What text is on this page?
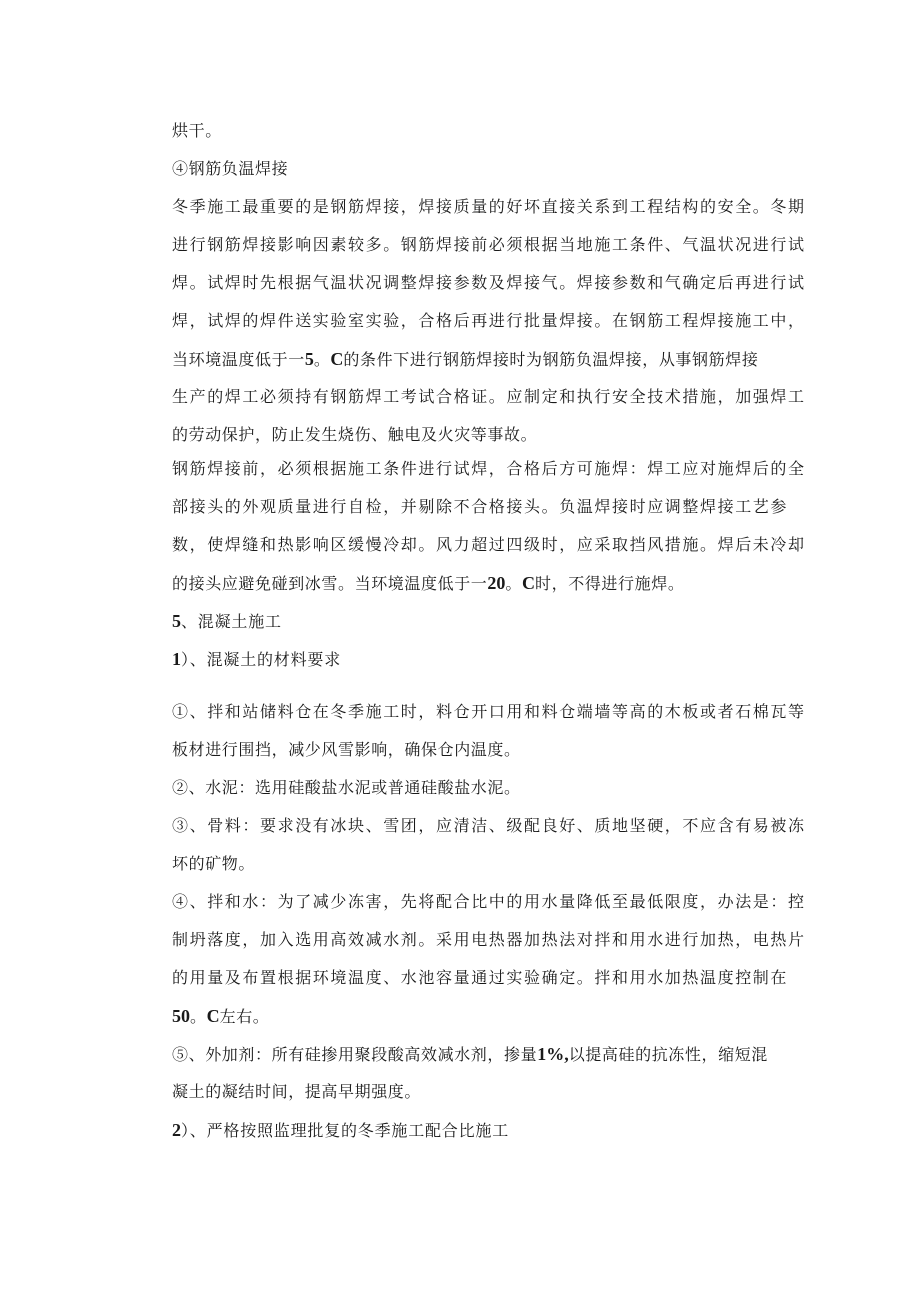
烘干。
④钢筋负温焊接
冬季施工最重要的是钢筋焊接，焊接质量的好坏直接关系到工程结构的安全。冬期
进行钢筋焊接影响因素较多。钢筋焊接前必须根据当地施工条件、气温状况进行试
焊。试焊时先根据气温状况调整焊接参数及焊接气。焊接参数和气确定后再进行试
焊，试焊的焊件送实验室实验，合格后再进行批量焊接。在钢筋工程焊接施工中，
当环境温度低于一5。C的条件下进行钢筋焊接时为钢筋负温焊接，从事钢筋焊接
生产的焊工必须持有钢筋焊工考试合格证。应制定和执行安全技术措施，加强焊工
的劳动保护，防止发生烧伤、触电及火灾等事故。
钢筋焊接前，必须根据施工条件进行试焊，合格后方可施焊：焊工应对施焊后的全
部接头的外观质量进行自检，并剔除不合格接头。负温焊接时应调整焊接工艺参
数，使焊缝和热影响区缓慢冷却。风力超过四级时，应采取挡风措施。焊后未冷却
的接头应避免碰到冰雪。当环境温度低于一20。C时，不得进行施焊。
5、混凝土施工
1）、混凝土的材料要求
①、拌和站储料仓在冬季施工时，料仓开口用和料仓端墙等高的木板或者石棉瓦等
板材进行围挡，减少风雪影响，确保仓内温度。
②、水泥：选用硅酸盐水泥或普通硅酸盐水泥。
③、骨料：要求没有冰块、雪团，应清洁、级配良好、质地坚硬，不应含有易被冻
坏的矿物。
④、拌和水：为了减少冻害，先将配合比中的用水量降低至最低限度，办法是：控
制坍落度，加入选用高效减水剂。采用电热器加热法对拌和用水进行加热，电热片
的用量及布置根据环境温度、水池容量通过实验确定。拌和用水加热温度控制在
50。C左右。
⑤、外加剂：所有硅掺用聚段酸高效减水剂，掺量1%,以提高硅的抗冻性，缩短混
凝土的凝结时间，提高早期强度。
2）、严格按照监理批复的冬季施工配合比施工
